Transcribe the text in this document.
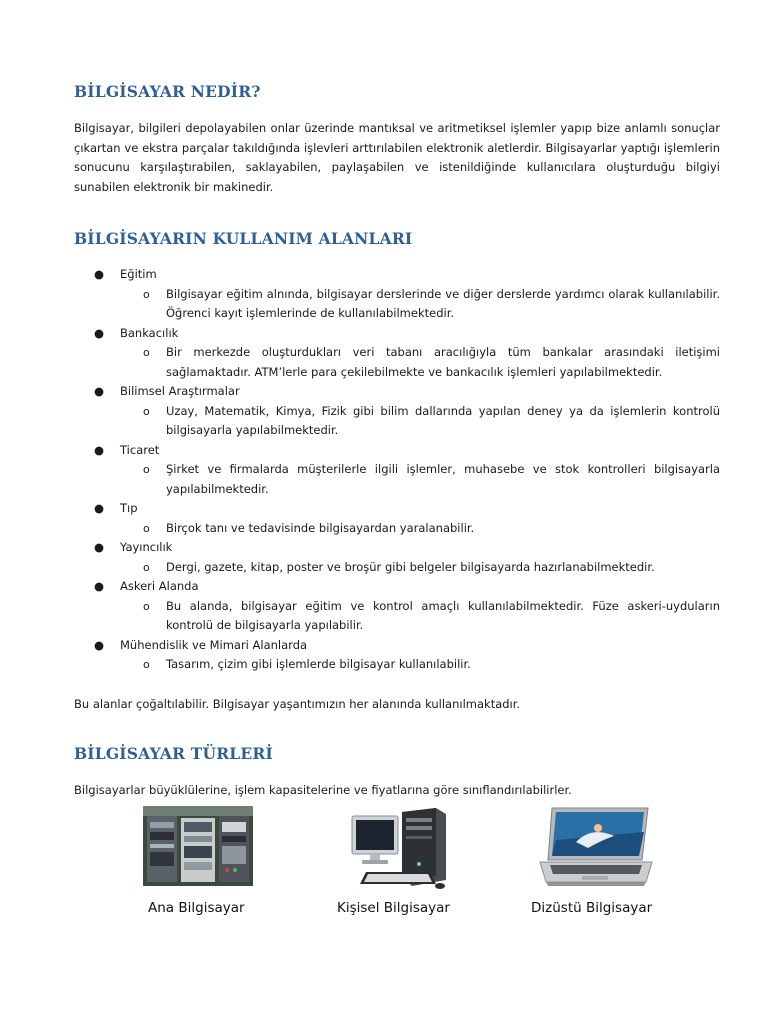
BİLGİSAYAR NEDİR?

Bilgisayar, bilgileri depolayabilen onlar üzerinde mantıksal ve aritmetiksel işlemler yapıp bize anlamlı sonuçlar çıkartan ve ekstra parçalar takıldığında işlevleri arttırılabilen elektronik aletlerdir. Bilgisayarlar yaptığı işlemlerin sonucunu karşılaştırabilen, saklayabilen, paylaşabilen ve istenildiğinde kullanıcılara oluşturduğu bilgiyi sunabilen elektronik bir makinedir.

BİLGİSAYARIN KULLANIM ALANLARI
● Eğitim
o Bilgisayar eğitim alnında, bilgisayar derslerinde ve diğer derslerde yardımcı olarak kullanılabilir. Öğrenci kayıt işlemlerinde de kullanılabilmektedir.
● Bankacılık
o Bir merkezde oluşturdukları veri tabanı aracılığıyla tüm bankalar arasındaki iletişimi sağlamaktadır. ATM’lerle para çekilebilmekte ve bankacılık işlemleri yapılabilmektedir.
● Bilimsel Araştırmalar
o Uzay, Matematik, Kimya, Fizik gibi bilim dallarında yapılan deney ya da işlemlerin kontrolü bilgisayarla yapılabilmektedir.
● Ticaret
o Şirket ve firmalarda müşterilerle ilgili işlemler, muhasebe ve stok kontrolleri bilgisayarla yapılabilmektedir.
● Tıp
o Birçok tanı ve tedavisinde bilgisayardan yaralanabilir.
● Yayıncılık
o Dergi, gazete, kitap, poster ve broşür gibi belgeler bilgisayarda hazırlanabilmektedir.
● Askeri Alanda
o Bu alanda, bilgisayar eğitim ve kontrol amaçlı kullanılabilmektedir. Füze askeri-uyduların kontrolü de bilgisayarla yapılabilir.
● Mühendislik ve Mimari Alanlarda
o Tasarım, çizim gibi işlemlerde bilgisayar kullanılabilir.

Bu alanlar çoğaltılabilir. Bilgisayar yaşantımızın her alanında kullanılmaktadır.

BİLGİSAYAR TÜRLERİ

Bilgisayarlar büyüklülerine, işlem kapasitelerine ve fiyatlarına göre sınıflandırılabilirler.

Ana Bilgisayar	Kişisel Bilgisayar	Dizüstü Bilgisayar
